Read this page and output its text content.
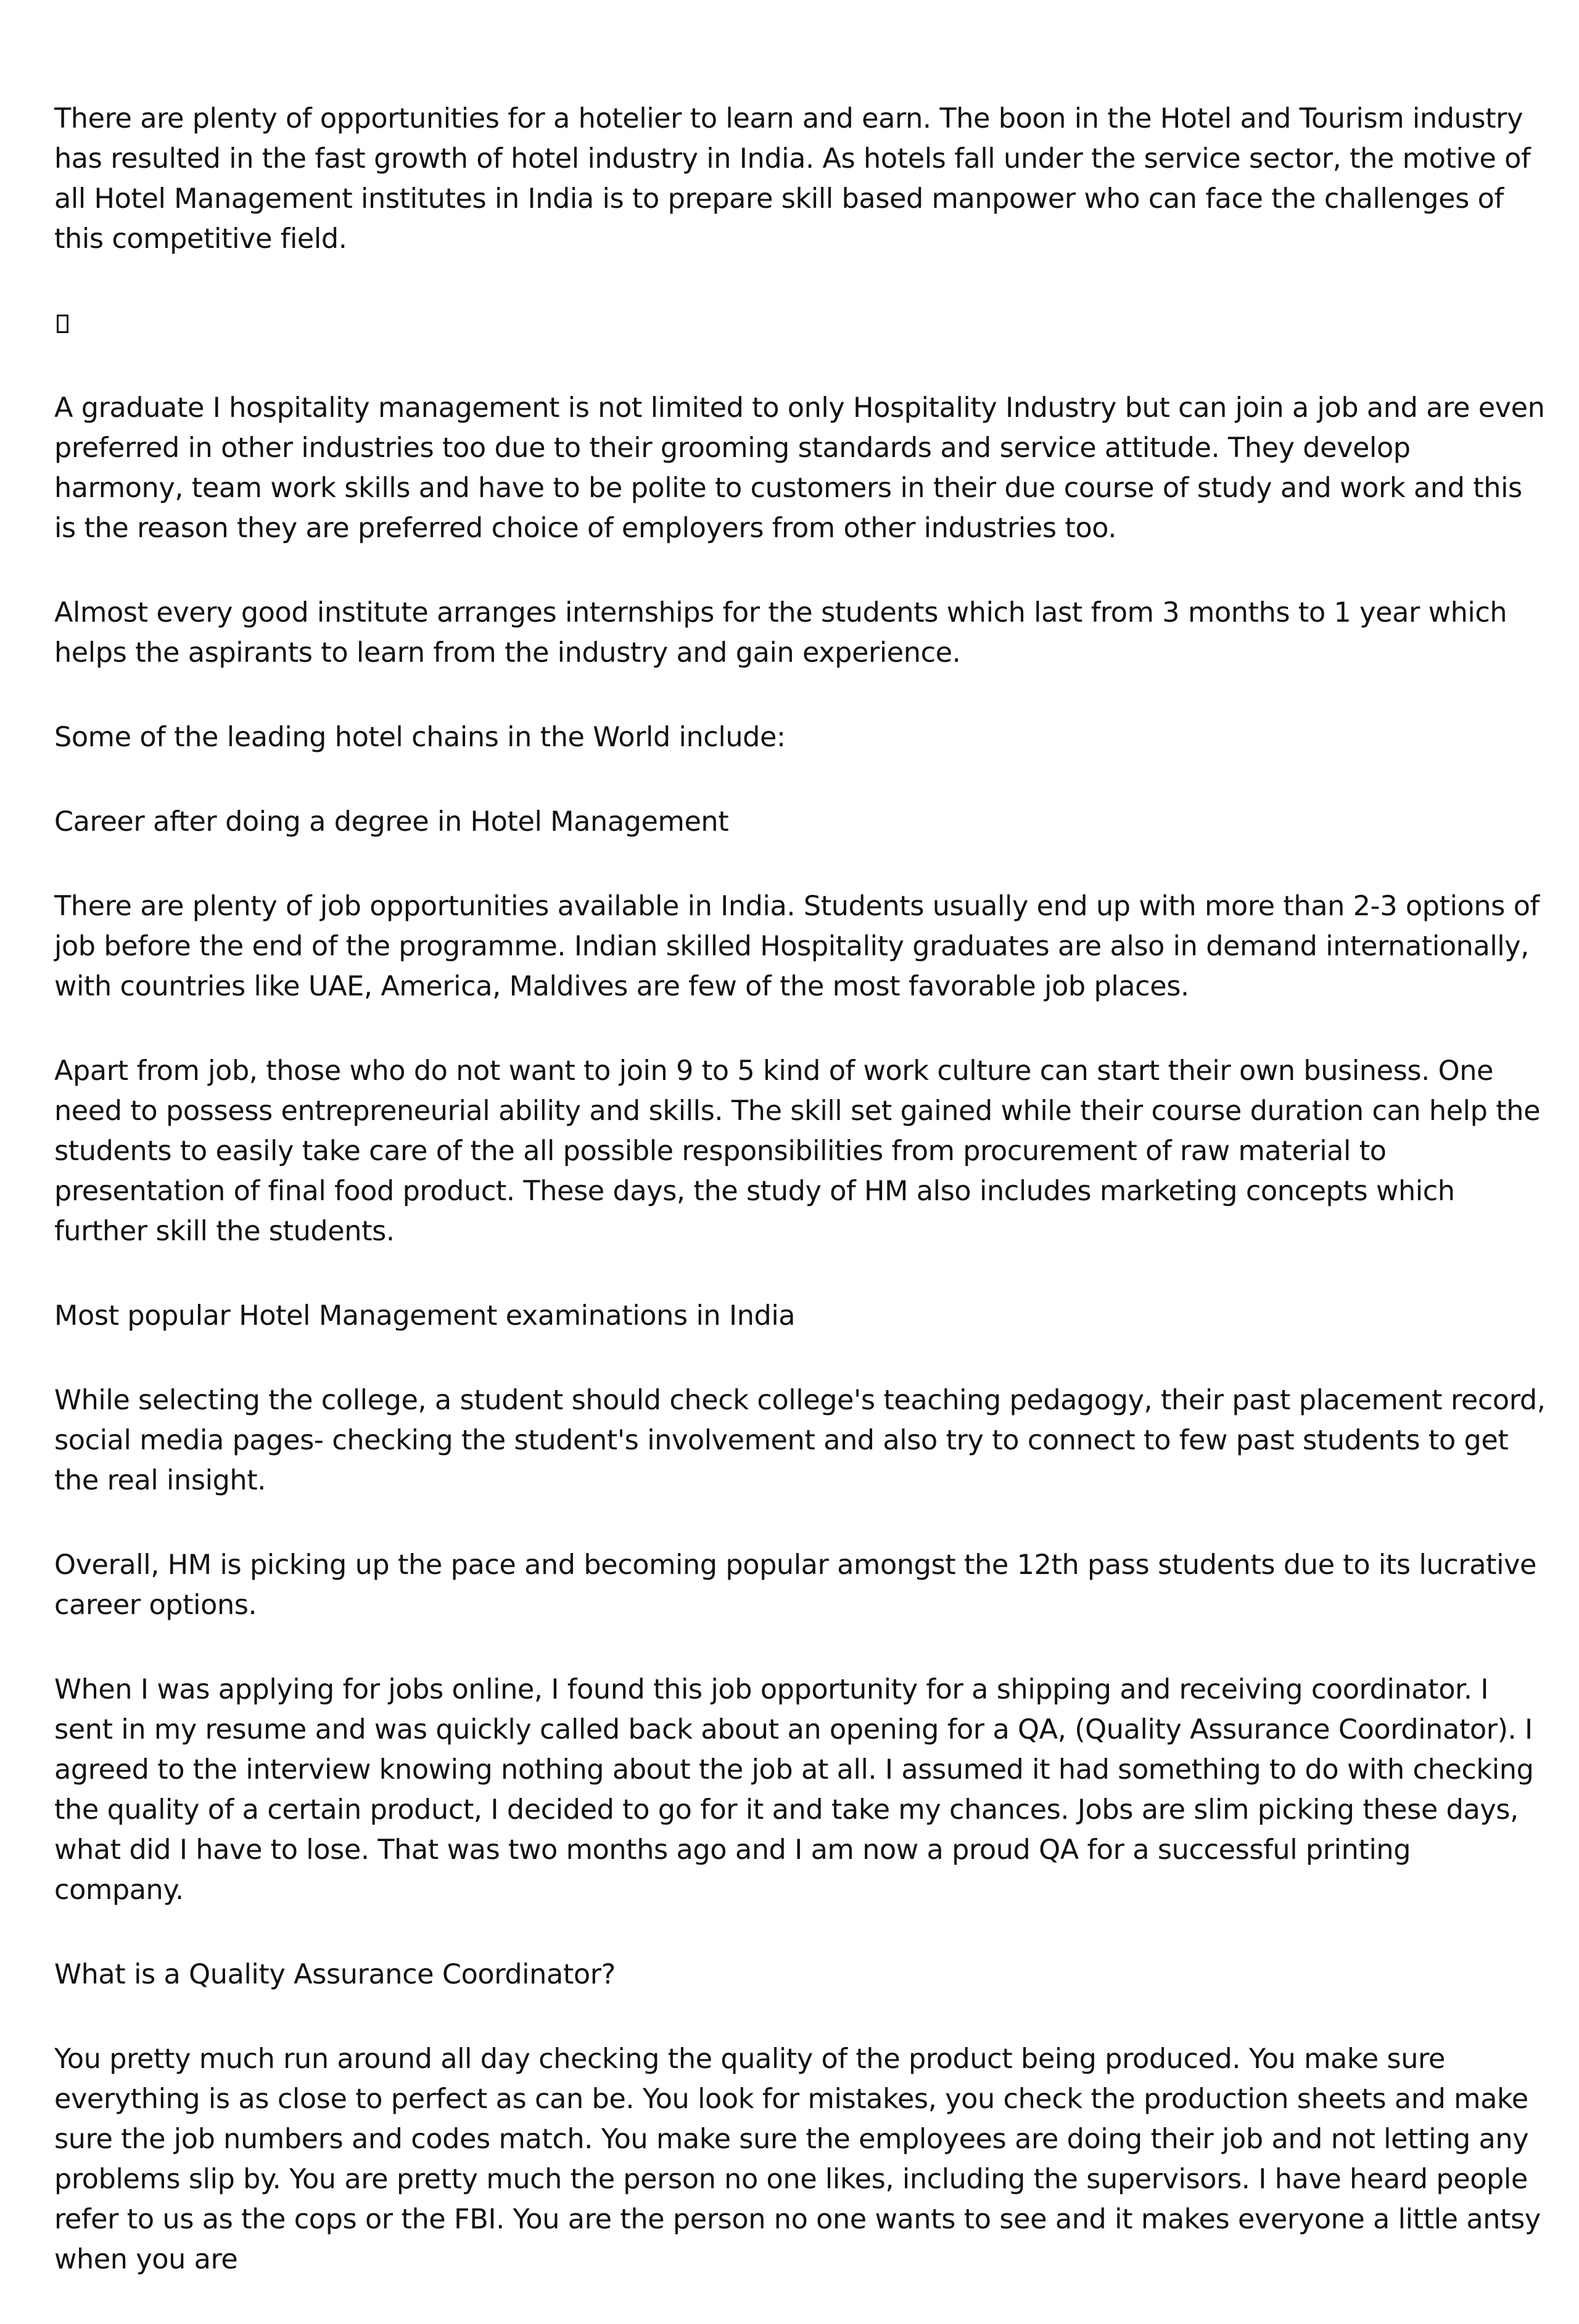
There are plenty of opportunities for a hotelier to learn and earn. The boon in the Hotel and Tourism industry has resulted in the fast growth of hotel industry in India. As hotels fall under the service sector, the motive of all Hotel Management institutes in India is to prepare skill based manpower who can face the challenges of this competitive field.

A graduate I hospitality management is not limited to only Hospitality Industry but can join a job and are even preferred in other industries too due to their grooming standards and service attitude. They develop harmony, team work skills and have to be polite to customers in their due course of study and work and this is the reason they are preferred choice of employers from other industries too.

Almost every good institute arranges internships for the students which last from 3 months to 1 year which helps the aspirants to learn from the industry and gain experience.

Some of the leading hotel chains in the World include:

Career after doing a degree in Hotel Management

There are plenty of job opportunities available in India. Students usually end up with more than 2-3 options of job before the end of the programme. Indian skilled Hospitality graduates are also in demand internationally, with countries like UAE, America, Maldives are few of the most favorable job places.

Apart from job, those who do not want to join 9 to 5 kind of work culture can start their own business. One need to possess entrepreneurial ability and skills. The skill set gained while their course duration can help the students to easily take care of the all possible responsibilities from procurement of raw material to presentation of final food product. These days, the study of HM also includes marketing concepts which further skill the students.

Most popular Hotel Management examinations in India

While selecting the college, a student should check college's teaching pedagogy, their past placement record, social media pages- checking the student's involvement and also try to connect to few past students to get the real insight.

Overall, HM is picking up the pace and becoming popular amongst the 12th pass students due to its lucrative career options.

When I was applying for jobs online, I found this job opportunity for a shipping and receiving coordinator. I sent in my resume and was quickly called back about an opening for a QA, (Quality Assurance Coordinator). I agreed to the interview knowing nothing about the job at all. I assumed it had something to do with checking the quality of a certain product, I decided to go for it and take my chances. Jobs are slim picking these days, what did I have to lose. That was two months ago and I am now a proud QA for a successful printing company.

What is a Quality Assurance Coordinator?

You pretty much run around all day checking the quality of the product being produced. You make sure everything is as close to perfect as can be. You look for mistakes, you check the production sheets and make sure the job numbers and codes match. You make sure the employees are doing their job and not letting any problems slip by. You are pretty much the person no one likes, including the supervisors. I have heard people refer to us as the cops or the FBI. You are the person no one wants to see and it makes everyone a little antsy when you are
